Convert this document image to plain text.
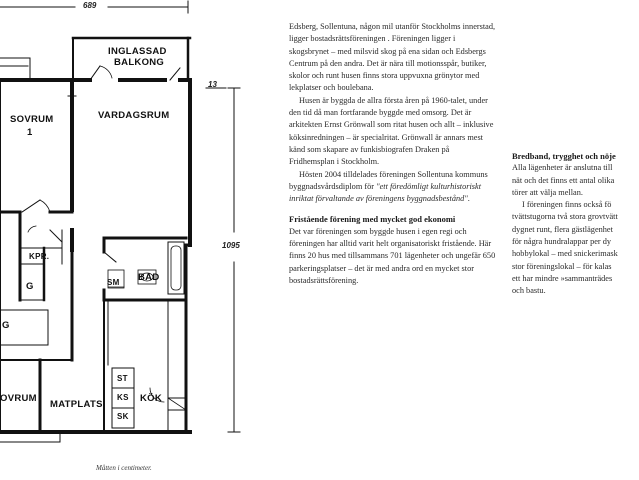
689
13
1095
INGLASSAD
BALKONG
SOVRUM
1
VARDAGSRUM
KPR.
G
G
BAD
SM
OVRUM
MATPLATS
ST
KS
SK
KÖK
Måtten i centimeter.

Edsberg, Sollentuna, någon mil utanför Stockholms innerstad, ligger bostadsrättsföreningen . Föreningen ligger i skogsbrynet – med milsvid skog på ena sidan och Edsbergs Centrum på den andra. Det är nära till motionsspår, butiker, skolor och runt husen finns stora uppvuxna grönytor med lekplatser och boulebana.

Husen är byggda de allra första åren på 1960-talet, under den tid då man fortfarande byggde med omsorg. Det är arkitekten Ernst Grönwall som ritat husen och allt – inklusive köksinredningen – är specialritat. Grönwall är annars mest känd som skapare av funkisbiografen Draken på Fridhemsplan i Stockholm.

Hösten 2004 tilldelades föreningen Sollentuna kommuns byggnadsvårdsdiplom för "ett föredömligt kulturhistoriskt inriktat förvaltande av föreningens byggnadsbestånd".

Fristående förening med mycket god ekonomi

Det var föreningen som byggde husen i egen regi och föreningen har alltid varit helt organisatoriskt fristående. Här finns 20 hus med tillsammans 701 lägenheter och ungefär 650 parkeringsplatser – det är med andra ord en mycket stor bostadsrättsförening.

Bredband, trygghet och nöje

Alla lägenheter är anslutna till

nät och det finns ett antal olika

törer att välja mellan.

I föreningen finns också fö

tvättstugorna två stora grovtvätt

dygnet runt, flera gästlägenhet

för några hundralappar per dy

hobbylokal – med snickerimask

stor föreningslokal – för kalas

ett har mindre »sammanträdes

och bastu.
